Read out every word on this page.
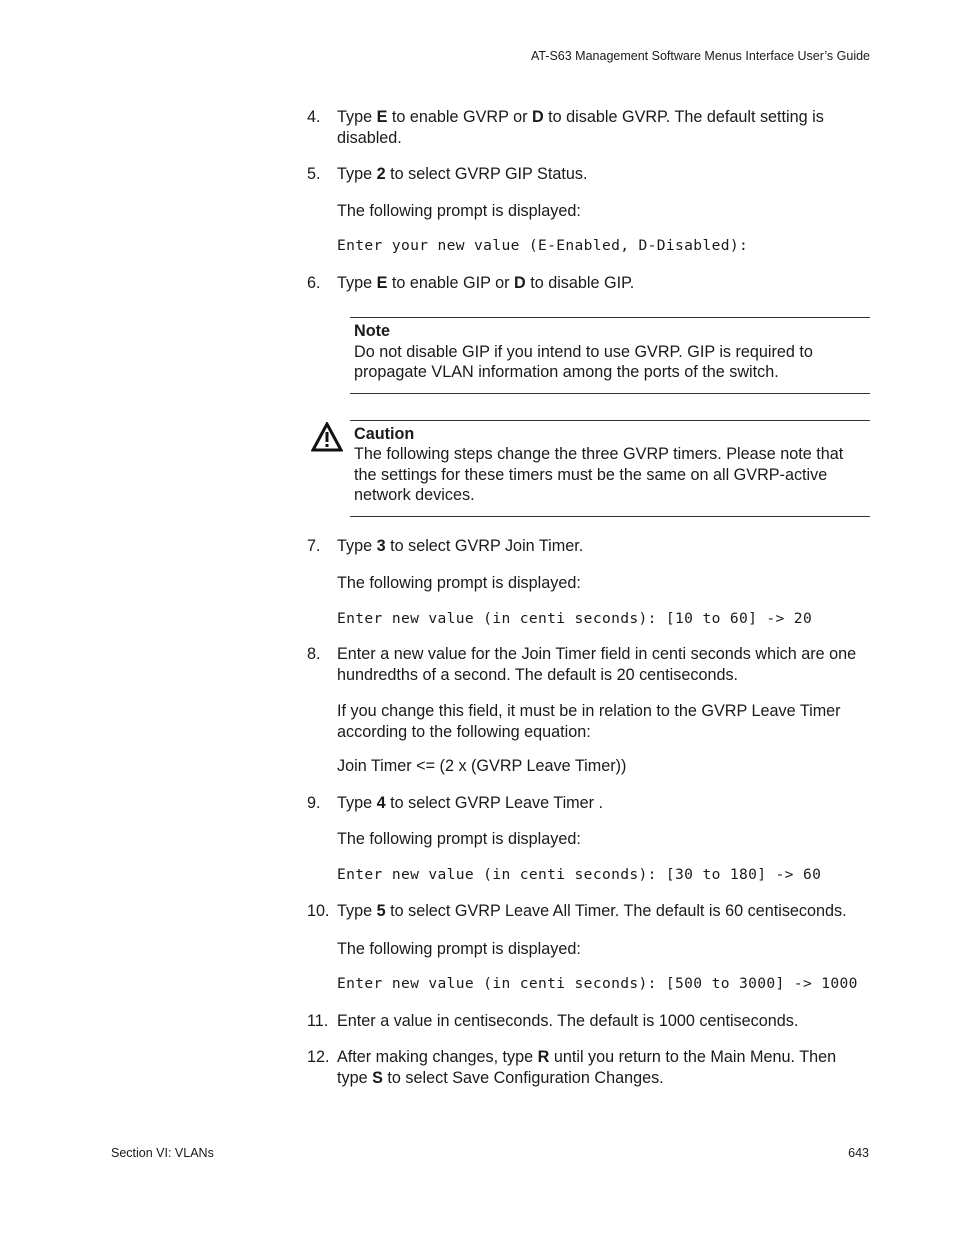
AT-S63 Management Software Menus Interface User’s Guide
4. Type E to enable GVRP or D to disable GVRP. The default setting is disabled.
5. Type 2 to select GVRP GIP Status.
The following prompt is displayed:
Enter your new value (E-Enabled, D-Disabled):
6. Type E to enable GIP or D to disable GIP.
Note
Do not disable GIP if you intend to use GVRP. GIP is required to propagate VLAN information among the ports of the switch.
Caution
The following steps change the three GVRP timers. Please note that the settings for these timers must be the same on all GVRP-active network devices.
7. Type 3 to select GVRP Join Timer.
The following prompt is displayed:
Enter new value (in centi seconds): [10 to 60] -> 20
8. Enter a new value for the Join Timer field in centi seconds which are one hundredths of a second. The default is 20 centiseconds.
If you change this field, it must be in relation to the GVRP Leave Timer according to the following equation:
Join Timer <= (2 x (GVRP Leave Timer))
9. Type 4 to select GVRP Leave Timer .
The following prompt is displayed:
Enter new value (in centi seconds): [30 to 180] -> 60
10. Type 5 to select GVRP Leave All Timer. The default is 60 centiseconds.
The following prompt is displayed:
Enter new value (in centi seconds): [500 to 3000] -> 1000
11. Enter a value in centiseconds. The default is 1000 centiseconds.
12. After making changes, type R until you return to the Main Menu. Then type S to select Save Configuration Changes.
Section VI: VLANs	643
